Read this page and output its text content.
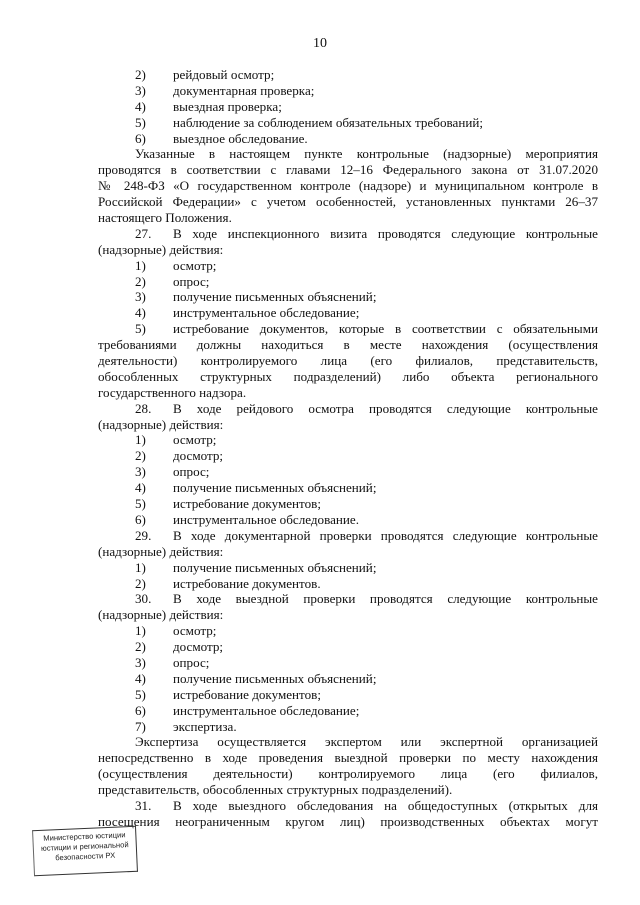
10
2) рейдовый осмотр;
3) документарная проверка;
4) выездная проверка;
5) наблюдение за соблюдением обязательных требований;
6) выездное обследование.
Указанные в настоящем пункте контрольные (надзорные) мероприятия
проводятся в соответствии с главами 12–16 Федерального закона от 31.07.2020
№ 248-ФЗ «О государственном контроле (надзоре) и муниципальном контроле в
Российской Федерации» с учетом особенностей, установленных пунктами 26–37
настоящего Положения.
27. В ходе инспекционного визита проводятся следующие контрольные
(надзорные) действия:
1) осмотр;
2) опрос;
3) получение письменных объяснений;
4) инструментальное обследование;
5) истребование документов, которые в соответствии с обязательными
требованиями должны находиться в месте нахождения (осуществления
деятельности) контролируемого лица (его филиалов, представительств,
обособленных структурных подразделений) либо объекта регионального
государственного надзора.
28. В ходе рейдового осмотра проводятся следующие контрольные
(надзорные) действия:
1) осмотр;
2) досмотр;
3) опрос;
4) получение письменных объяснений;
5) истребование документов;
6) инструментальное обследование.
29. В ходе документарной проверки проводятся следующие контрольные
(надзорные) действия:
1) получение письменных объяснений;
2) истребование документов.
30. В ходе выездной проверки проводятся следующие контрольные
(надзорные) действия:
1) осмотр;
2) досмотр;
3) опрос;
4) получение письменных объяснений;
5) истребование документов;
6) инструментальное обследование;
7) экспертиза.
Экспертиза осуществляется экспертом или экспертной организацией
непосредственно в ходе проведения выездной проверки по месту нахождения
(осуществления деятельности) контролируемого лица (его филиалов,
представительств, обособленных структурных подразделений).
31. В ходе выездного обследования на общедоступных (открытых для
посещения неограниченным кругом лиц) производственных объектах могут
Министерство юстиции
юстиции и региональной
безопасности РХ
